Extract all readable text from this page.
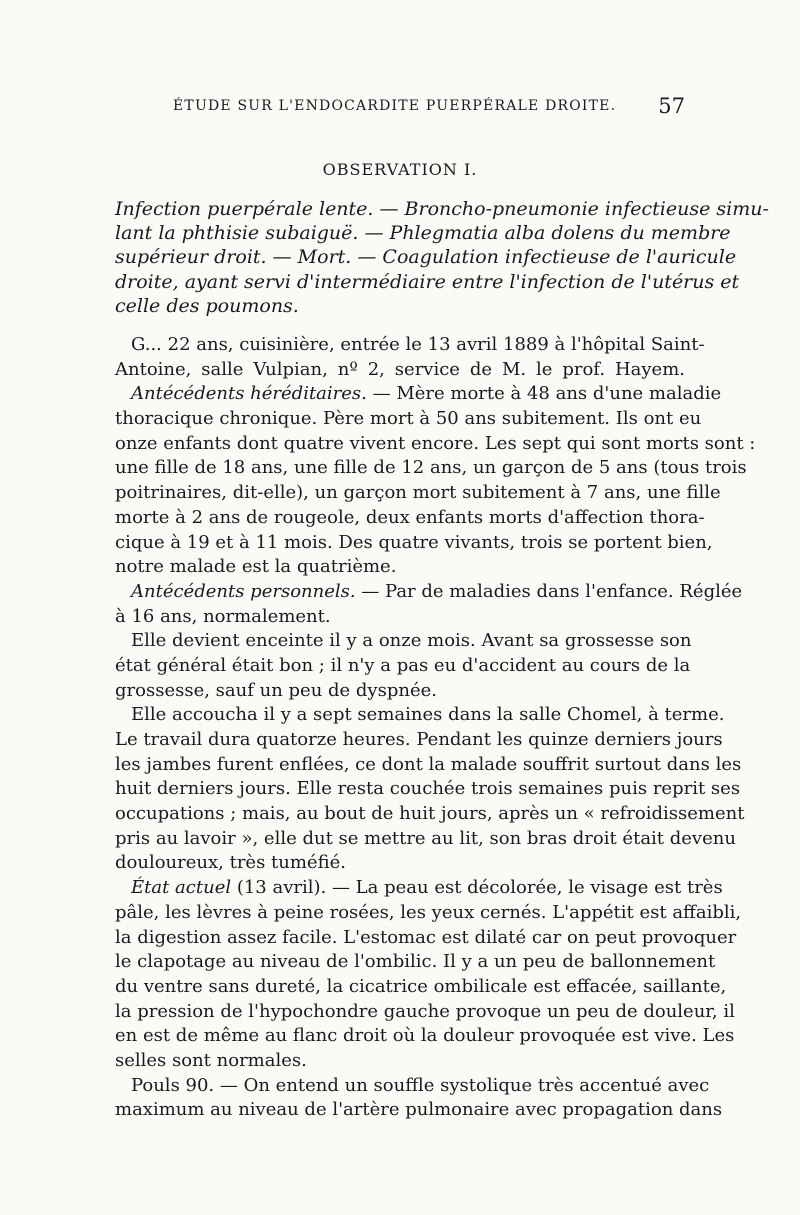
ÉTUDE SUR L'ENDOCARDITE PUERPÉRALE DROITE. 57
OBSERVATION I.
Infection puerpérale lente. — Broncho-pneumonie infectieuse simu-
lant la phthisie subaiguë. — Phlegmatia alba dolens du membre
supérieur droit. — Mort. — Coagulation infectieuse de l'auricule
droite, ayant servi d'intermédiaire entre l'infection de l'utérus et
celle des poumons.
G... 22 ans, cuisinière, entrée le 13 avril 1889 à l'hôpital Saint-
Antoine, salle Vulpian, nº 2, service de M. le prof. Hayem.
Antécédents héréditaires. — Mère morte à 48 ans d'une maladie
thoracique chronique. Père mort à 50 ans subitement. Ils ont eu
onze enfants dont quatre vivent encore. Les sept qui sont morts sont :
une fille de 18 ans, une fille de 12 ans, un garçon de 5 ans (tous trois
poitrinaires, dit-elle), un garçon mort subitement à 7 ans, une fille
morte à 2 ans de rougeole, deux enfants morts d'affection thora-
cique à 19 et à 11 mois. Des quatre vivants, trois se portent bien,
notre malade est la quatrième.
Antécédents personnels. — Par de maladies dans l'enfance. Réglée
à 16 ans, normalement.
Elle devient enceinte il y a onze mois. Avant sa grossesse son
état général était bon ; il n'y a pas eu d'accident au cours de la
grossesse, sauf un peu de dyspnée.
Elle accoucha il y a sept semaines dans la salle Chomel, à terme.
Le travail dura quatorze heures. Pendant les quinze derniers jours
les jambes furent enflées, ce dont la malade souffrit surtout dans les
huit derniers jours. Elle resta couchée trois semaines puis reprit ses
occupations ; mais, au bout de huit jours, après un « refroidissement
pris au lavoir », elle dut se mettre au lit, son bras droit était devenu
douloureux, très tuméfié.
État actuel (13 avril). — La peau est décolorée, le visage est très
pâle, les lèvres à peine rosées, les yeux cernés. L'appétit est affaibli,
la digestion assez facile. L'estomac est dilaté car on peut provoquer
le clapotage au niveau de l'ombilic. Il y a un peu de ballonnement
du ventre sans dureté, la cicatrice ombilicale est effacée, saillante,
la pression de l'hypochondre gauche provoque un peu de douleur, il
en est de même au flanc droit où la douleur provoquée est vive. Les
selles sont normales.
Pouls 90. — On entend un souffle systolique très accentué avec
maximum au niveau de l'artère pulmonaire avec propagation dans
